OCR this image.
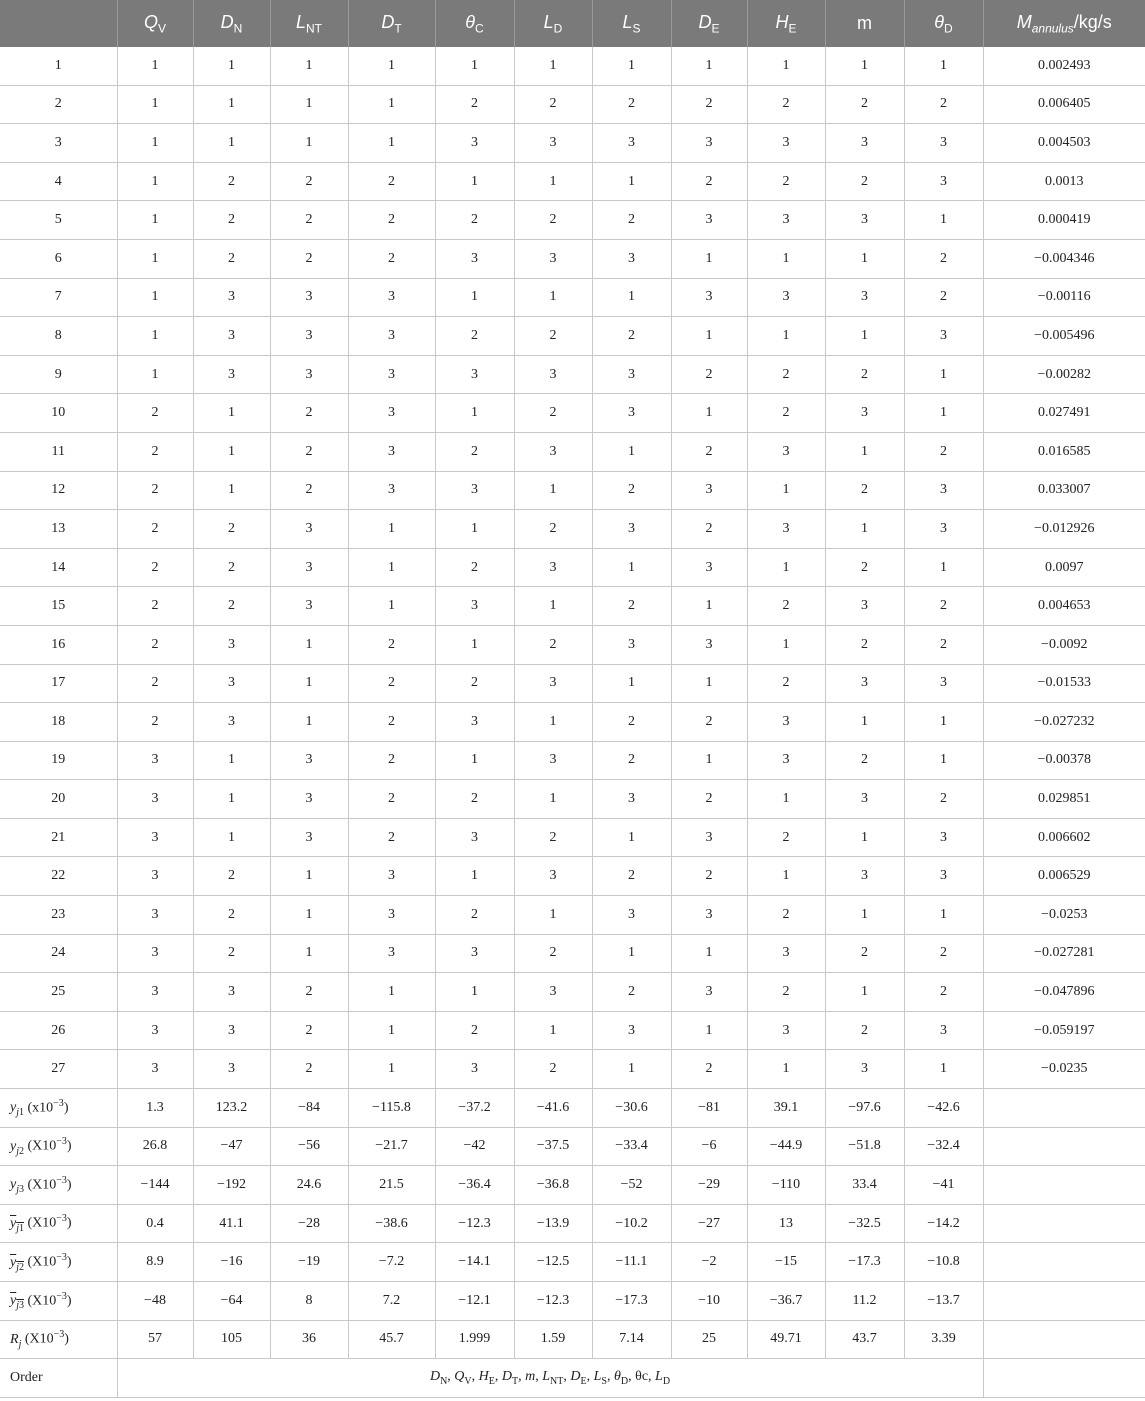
	$Q_V$	$D_N$	$L_{NT}$	$D_T$	$\theta_C$	$L_D$	$L_S$	$D_E$	$H_E$	m	$\theta_D$	$M_{annulus}/kg/s$
1	1	1	1	1	1	1	1	1	1	1	1	0.002493
2	1	1	1	1	2	2	2	2	2	2	2	0.006405
3	1	1	1	1	3	3	3	3	3	3	3	0.004503
4	1	2	2	2	1	1	1	2	2	2	3	0.0013
5	1	2	2	2	2	2	2	3	3	3	1	0.000419
6	1	2	2	2	3	3	3	1	1	1	2	−0.004346
7	1	3	3	3	1	1	1	3	3	3	2	−0.00116
8	1	3	3	3	2	2	2	1	1	1	3	−0.005496
9	1	3	3	3	3	3	3	2	2	2	1	−0.00282
10	2	1	2	3	1	2	3	1	2	3	1	0.027491
11	2	1	2	3	2	3	1	2	3	1	2	0.016585
12	2	1	2	3	3	1	2	3	1	2	3	0.033007
13	2	2	3	1	1	2	3	2	3	1	3	−0.012926
14	2	2	3	1	2	3	1	3	1	2	1	0.0097
15	2	2	3	1	3	1	2	1	2	3	2	0.004653
16	2	3	1	2	1	2	3	3	1	2	2	−0.0092
17	2	3	1	2	2	3	1	1	2	3	3	−0.01533
18	2	3	1	2	3	1	2	2	3	1	1	−0.027232
19	3	1	3	2	1	3	2	1	3	2	1	−0.00378
20	3	1	3	2	2	1	3	2	1	3	2	0.029851
21	3	1	3	2	3	2	1	3	2	1	3	0.006602
22	3	2	1	3	1	3	2	2	1	3	3	0.006529
23	3	2	1	3	2	1	3	3	2	1	1	−0.0253
24	3	2	1	3	3	2	1	1	3	2	2	−0.027281
25	3	3	2	1	1	3	2	3	2	1	2	−0.047896
26	3	3	2	1	2	1	3	1	3	2	3	−0.059197
27	3	3	2	1	3	2	1	2	1	3	1	−0.0235
$y_{j1}$ $(x10^{-3})$	1.3	123.2	−84	−115.8	−37.2	−41.6	−30.6	−81	39.1	−97.6	−42.6	
$y_{j2}$ $(X10^{-3})$	26.8	−47	−56	−21.7	−42	−37.5	−33.4	−6	−44.9	−51.8	−32.4	
$y_{j3}$ $(X10^{-3})$	−144	−192	24.6	21.5	−36.4	−36.8	−52	−29	−110	33.4	−41	
$y_{j1}$ $(X10^{-3})$	0.4	41.1	−28	−38.6	−12.3	−13.9	−10.2	−27	13	−32.5	−14.2	
$y_{j2}$ $(X10^{-3})$	8.9	−16	−19	−7.2	−14.1	−12.5	−11.1	−2	−15	−17.3	−10.8	
$y_{j3}$ $(X10^{-3})$	−48	−64	8	7.2	−12.1	−12.3	−17.3	−10	−36.7	11.2	−13.7	
$R_j$ $(X10^{-3})$	57	105	36	45.7	1.999	1.59	7.14	25	49.71	43.7	3.39	
Order	$D_N$, $Q_V$, $H_E$, $D_T$, m, $L_{NT}$, $D_E$, $L_S$, $\theta_D$, θc, $L_D$	
